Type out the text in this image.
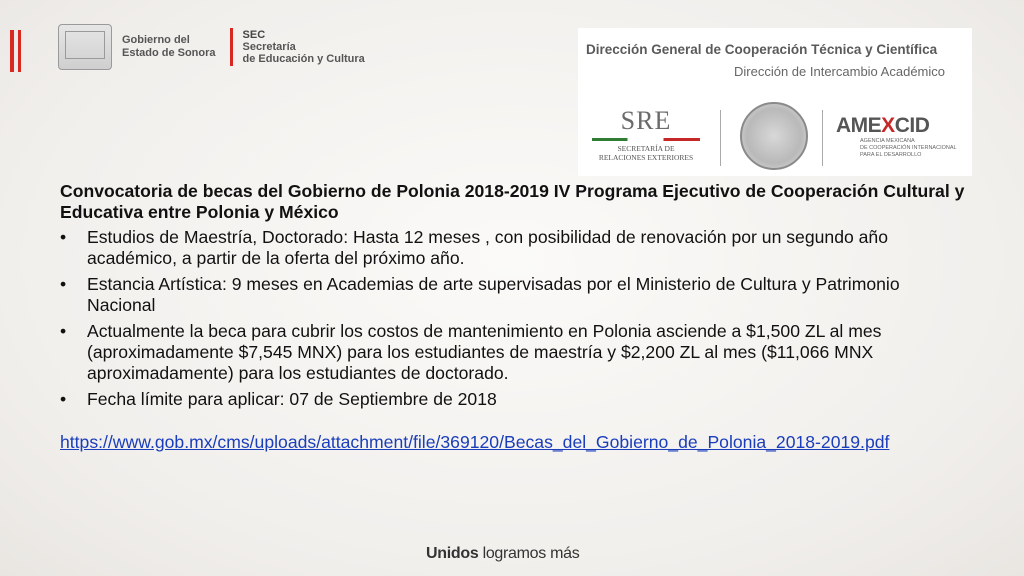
Gobierno del
Estado de Sonora
SEC
Secretaría
de Educación y Cultura
Dirección General de Cooperación Técnica y Científica
Dirección de Intercambio Académico
SRE
SECRETARÍA DE
RELACIONES EXTERIORES
AMEXCID
AGENCIA MEXICANA
DE COOPERACIÓN INTERNACIONAL
PARA EL DESARROLLO

Convocatoria de becas del Gobierno de Polonia 2018-2019 IV Programa Ejecutivo de Cooperación Cultural y Educativa entre Polonia y México

• Estudios de Maestría, Doctorado: Hasta 12 meses , con posibilidad de renovación por un segundo año académico, a partir de la oferta del próximo año.
• Estancia Artística: 9 meses en Academias de arte supervisadas por el Ministerio de Cultura y Patrimonio Nacional
• Actualmente la beca para cubrir los costos de mantenimiento en Polonia asciende a $1,500 ZL al mes (aproximadamente $7,545 MNX) para los estudiantes de maestría y $2,200 ZL al mes ($11,066 MNX aproximadamente) para los estudiantes de doctorado.
• Fecha límite para aplicar: 07 de Septiembre de 2018
https://www.gob.mx/cms/uploads/attachment/file/369120/Becas_del_Gobierno_de_Polonia_2018-2019.pdf
Unidos logramos más
